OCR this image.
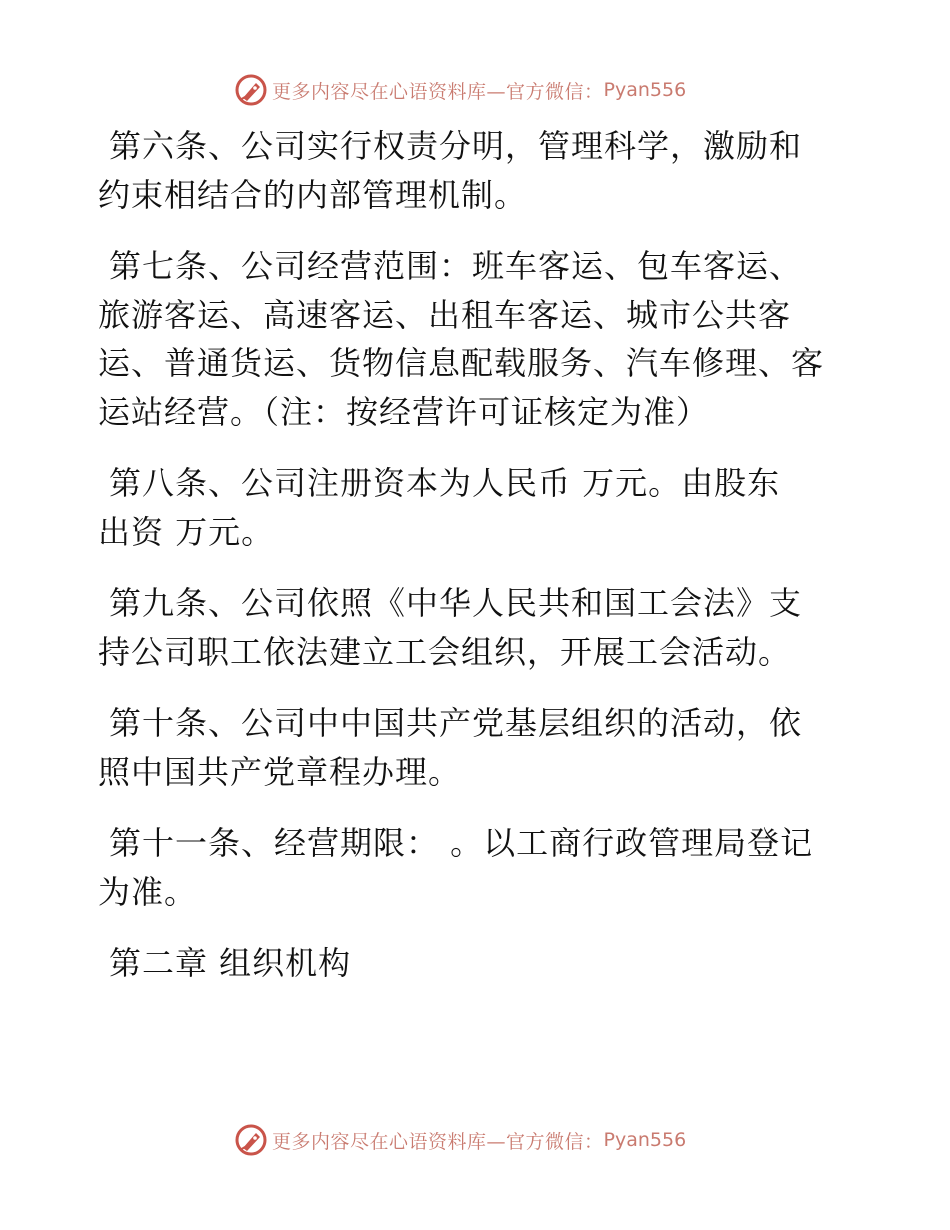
更多内容尽在心语资料库—官方微信： Pyan556

第六条、公司实行权责分明，管理科学，激励和
约束相结合的内部管理机制。

第七条、公司经营范围：班车客运、包车客运、
旅游客运、高速客运、出租车客运、城市公共客
运、普通货运、货物信息配载服务、汽车修理、客
运站经营。（注：按经营许可证核定为准）

第八条、公司注册资本为人民币 万元。由股东
出资 万元。

第九条、公司依照《中华人民共和国工会法》支
持公司职工依法建立工会组织，开展工会活动。

第十条、公司中中国共产党基层组织的活动，依
照中国共产党章程办理。

第十一条、经营期限： 。以工商行政管理局登记
为准。

第二章 组织机构

更多内容尽在心语资料库—官方微信： Pyan556
